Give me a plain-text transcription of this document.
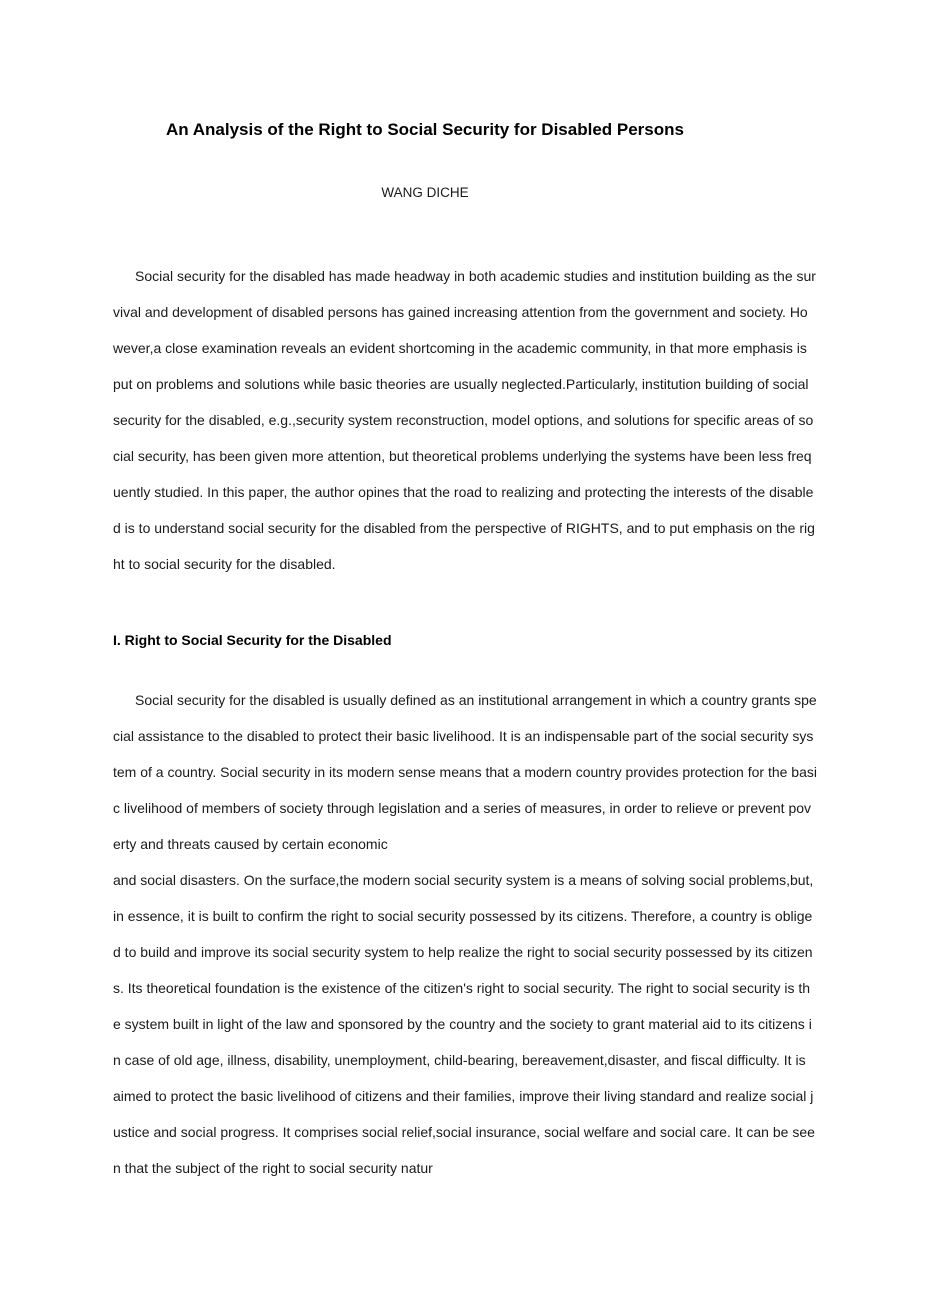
An Analysis of the Right to Social Security for Disabled Persons
WANG DICHE

Social security for the disabled has made headway in both academic studies and institution building as the survival and development of disabled persons has gained increasing attention from the government and society. However,a close examination reveals an evident shortcoming in the academic community, in that more emphasis is put on problems and solutions while basic theories are usually neglected.Particularly, institution building of social security for the disabled, e.g.,security system reconstruction, model options, and solutions for specific areas of social security, has been given more attention, but theoretical problems underlying the systems have been less frequently studied. In this paper, the author opines that the road to realizing and protecting the interests of the disabled is to understand social security for the disabled from the perspective of RIGHTS, and to put emphasis on the right to social security for the disabled.

I. Right to Social Security for the Disabled

Social security for the disabled is usually defined as an institutional arrangement in which a country grants special assistance to the disabled to protect their basic livelihood. It is an indispensable part of the social security system of a country. Social security in its modern sense means that a modern country provides protection for the basic livelihood of members of society through legislation and a series of measures, in order to relieve or prevent poverty and threats caused by certain economic

and social disasters. On the surface,the modern social security system is a means of solving social problems,but, in essence, it is built to confirm the right to social security possessed by its citizens. Therefore, a country is obliged to build and improve its social security system to help realize the right to social security possessed by its citizens. Its theoretical foundation is the existence of the citizen's right to social security. The right to social security is the system built in light of the law and sponsored by the country and the society to grant material aid to its citizens in case of old age, illness, disability, unemployment, child-bearing, bereavement,disaster, and fiscal difficulty. It is aimed to protect the basic livelihood of citizens and their families, improve their living standard and realize social justice and social progress. It comprises social relief,social insurance, social welfare and social care. It can be seen that the subject of the right to social security natur
